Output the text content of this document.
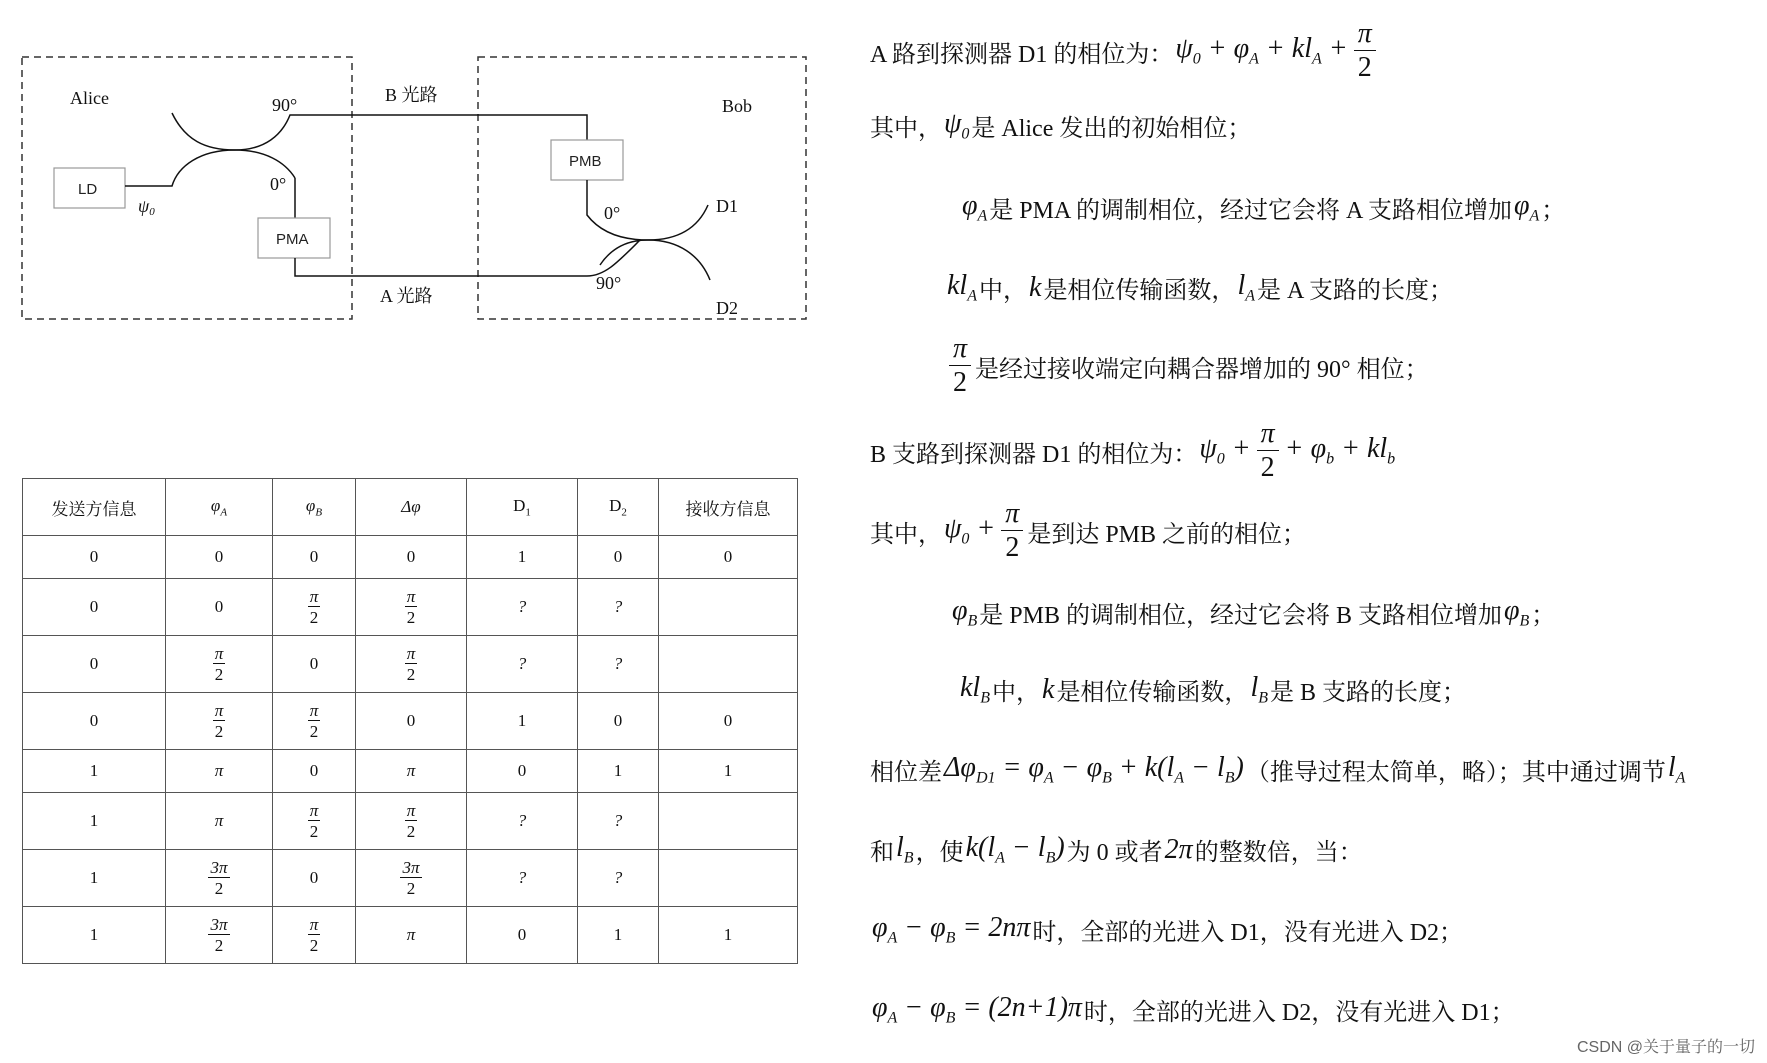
Alice	Bob
B 光路
A 光路
LD
ψ0
PMA
PMB
90°
0°
0°
90°
D1
D2
发送方信息	$\varphi_A$	$\varphi_B$	Δφ	$D_1$	$D_2$	接收方信息
0	0	0	0	1	0	0
0	0	$\frac{\pi}{2}$	$\frac{\pi}{2}$	?	?	
0	$\frac{\pi}{2}$	0	$\frac{\pi}{2}$	?	?	
0	$\frac{\pi}{2}$	$\frac{\pi}{2}$	0	1	0	0
1	π	0	π	0	1	1
1	π	$\frac{\pi}{2}$	$\frac{\pi}{2}$	?	?	
1	$\frac{3\pi}{2}$	0	$\frac{3\pi}{2}$	?	?	
1	$\frac{3\pi}{2}$	$\frac{\pi}{2}$	π	0	1	1
A 路到探测器 D1 的相位为： $\psi_0 + \varphi_A + kl_A + \frac{\pi}{2}$
其中， $\psi_0$ 是 Alice 发出的初始相位；
$\varphi_A$ 是 PMA 的调制相位，经过它会将 A 支路相位增加 $\varphi_A$ ；
$kl_A$ 中， k 是相位传输函数， $l_A$ 是 A 支路的长度；
$\frac{\pi}{2}$ 是经过接收端定向耦合器增加的 90° 相位；
B 支路到探测器 D1 的相位为： $\psi_0 + \frac{\pi}{2} + \varphi_b + kl_b$
其中， $\psi_0 + \frac{\pi}{2}$ 是到达 PMB 之前的相位；
$\varphi_B$ 是 PMB 的调制相位，经过它会将 B 支路相位增加 $\varphi_B$ ；
$kl_B$ 中， k 是相位传输函数， $l_B$ 是 B 支路的长度；
相位差 $\Delta\varphi_{D1} = \varphi_A - \varphi_B + k(l_A - l_B)$ （推导过程太简单，略）；其中通过调节 $l_A$
和 $l_B$ ，使 $k(l_A - l_B)$ 为 0 或者 2π 的整数倍，当：
$\varphi_A - \varphi_B = 2n\pi$ 时，全部的光进入 D1，没有光进入 D2；
$\varphi_A - \varphi_B = (2n+1)\pi$ 时，全部的光进入 D2，没有光进入 D1；
CSDN @关于量子的一切
